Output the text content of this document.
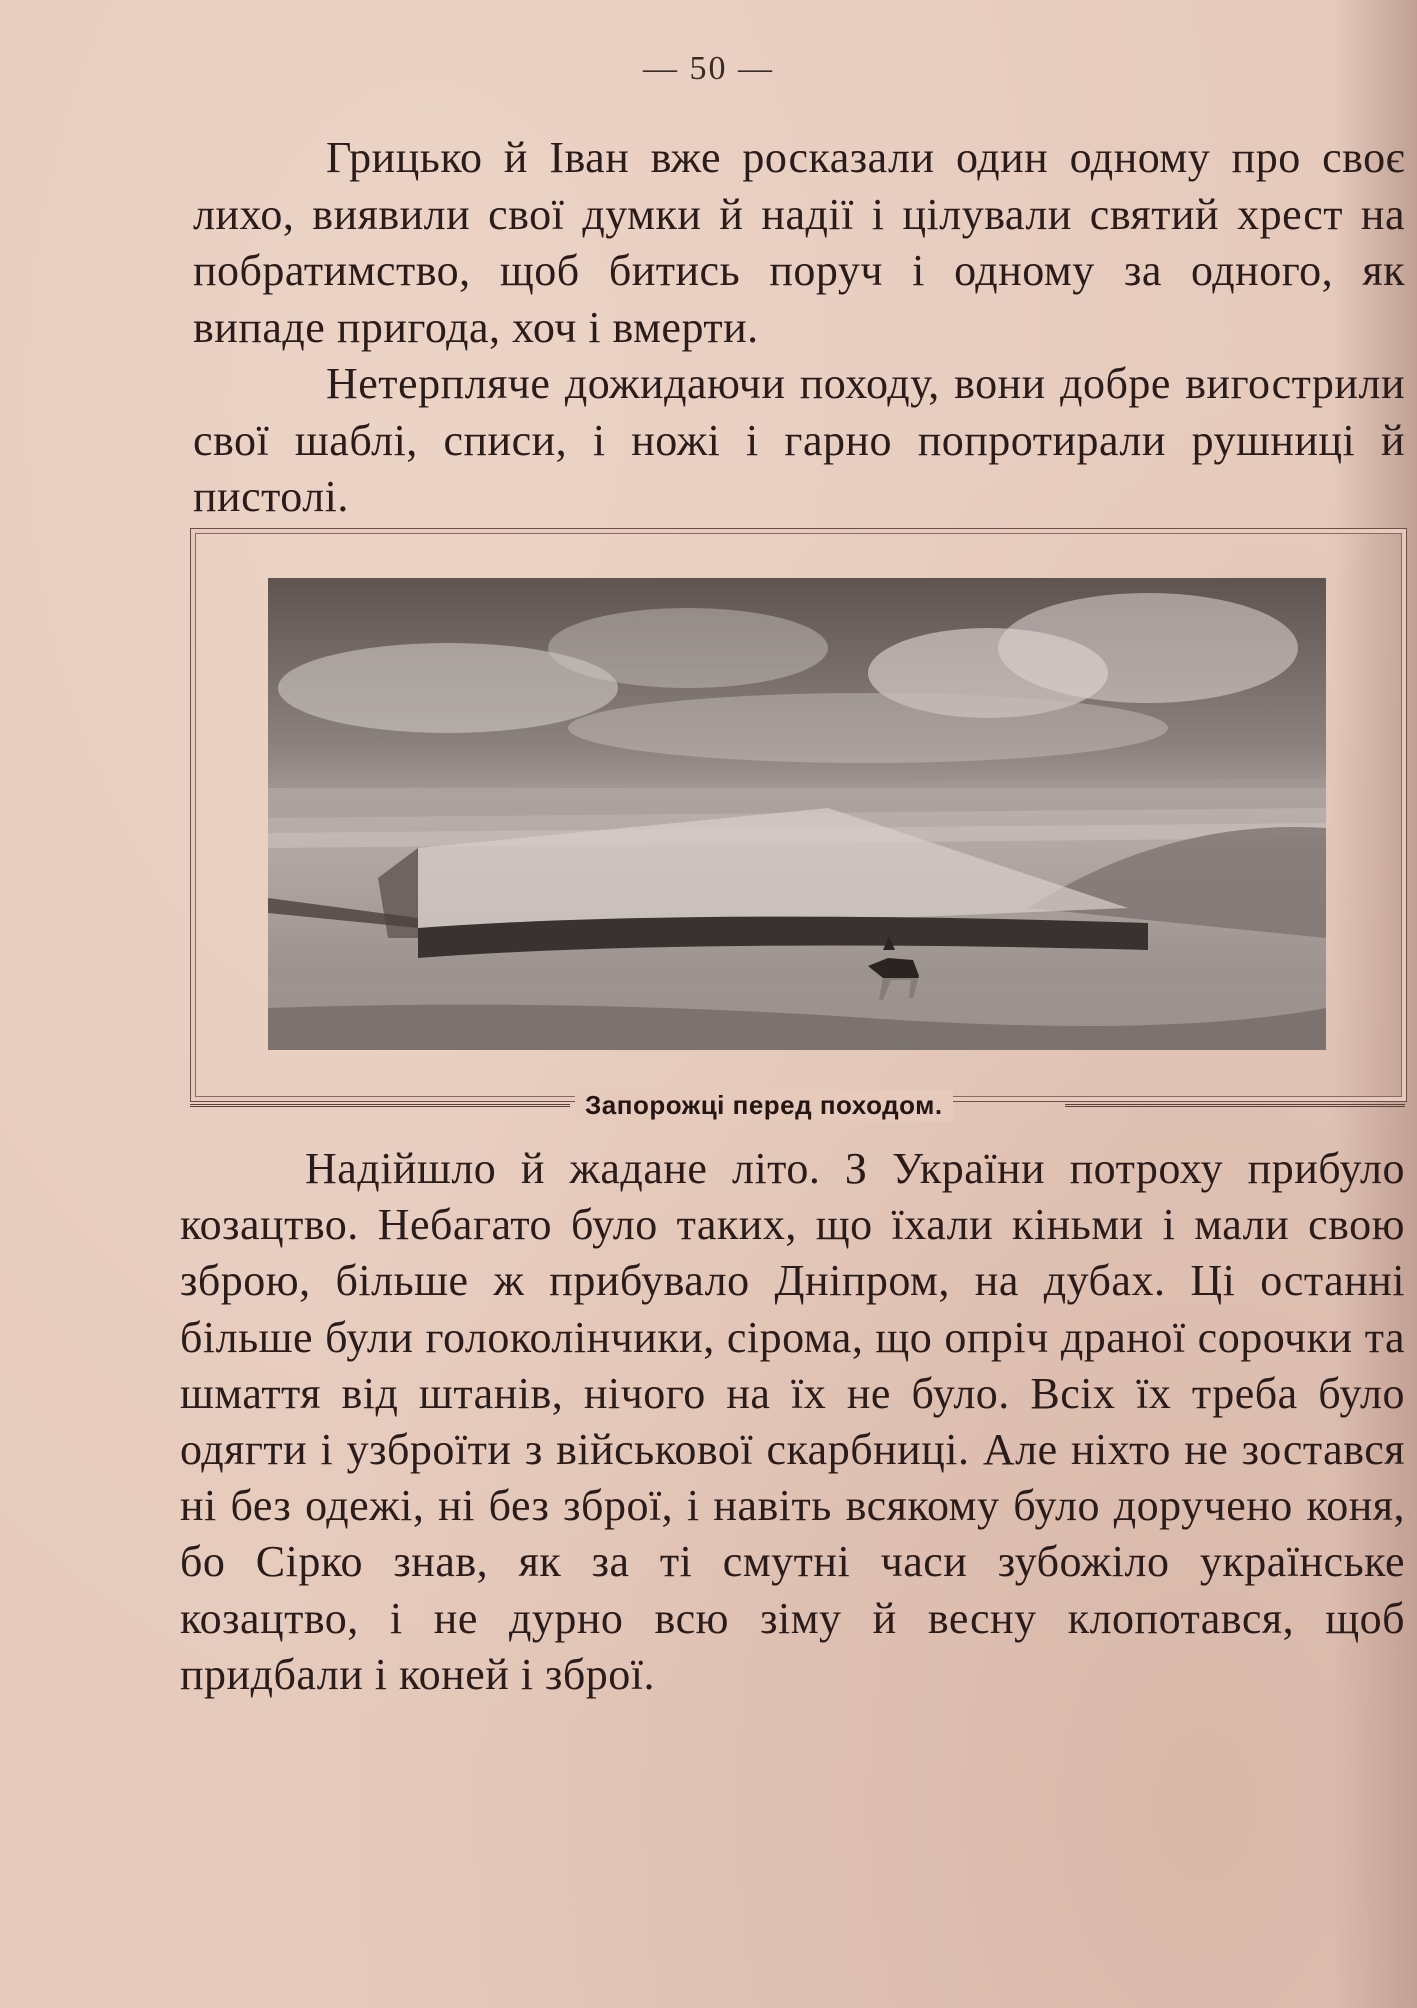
— 50 —

Грицько й Іван вже росказали один одному про своє лихо, виявили свої думки й надії і цілували святий хрест на побратимство, щоб битись поруч і одному за одного, як випаде пригода, хоч і вмерти.

Нетерпляче дожидаючи походу, вони добре вигострили свої шаблі, списи, і ножі і гарно попротирали рушниці й пистолі.

Запорожці перед походом.

Надійшло й жадане літо. З України потроху прибуло козацтво. Небагато було таких, що їхали кіньми і мали свою зброю, більше ж прибувало Дніпром, на дубах. Ці останні більше були голоколінчики, сірома, що опріч драної сорочки та шмаття від штанів, нічого на їх не було. Всіх їх треба було одягти і узброїти з військової скарбниці. Але ніхто не зостався ні без одежі, ні без зброї, і навіть всякому було доручено коня, бо Сірко знав, як за ті смутні часи зубожіло українське козацтво, і не дурно всю зіму й весну клопотався, щоб придбали і коней і зброї.
